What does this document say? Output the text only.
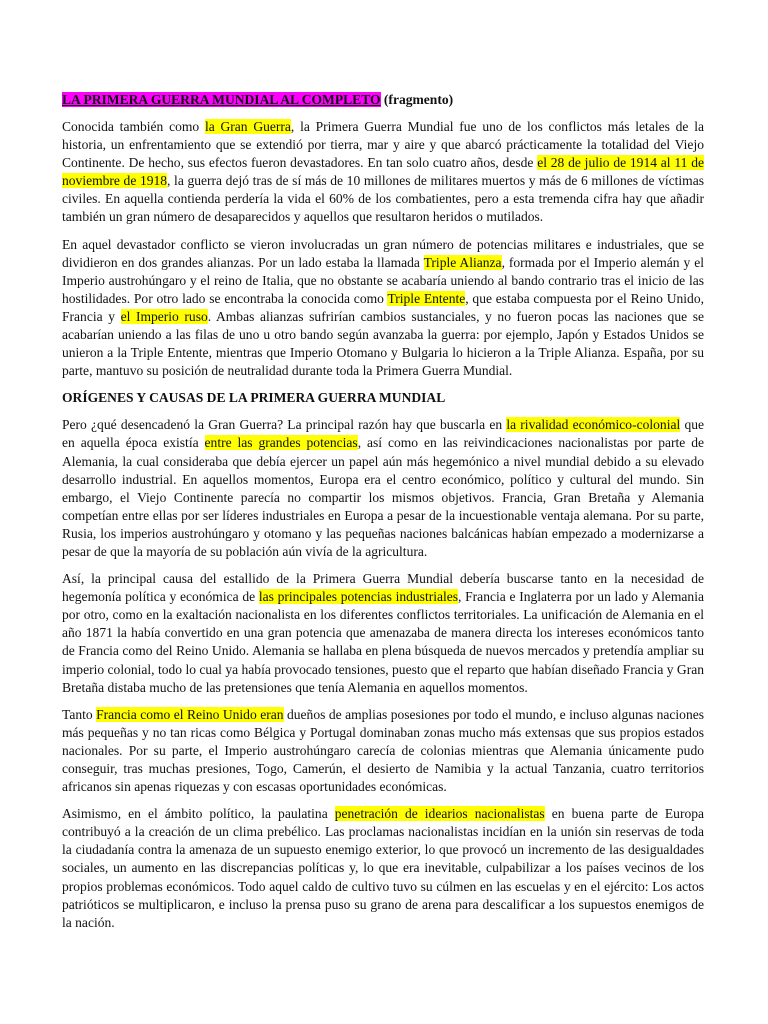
LA PRIMERA GUERRA MUNDIAL AL COMPLETO (fragmento)

Conocida también como la Gran Guerra, la Primera Guerra Mundial fue uno de los conflictos más letales de la historia, un enfrentamiento que se extendió por tierra, mar y aire y que abarcó prácticamente la totalidad del Viejo Continente. De hecho, sus efectos fueron devastadores. En tan solo cuatro años, desde el 28 de julio de 1914 al 11 de noviembre de 1918, la guerra dejó tras de sí más de 10 millones de militares muertos y más de 6 millones de víctimas civiles. En aquella contienda perdería la vida el 60% de los combatientes, pero a esta tremenda cifra hay que añadir también un gran número de desaparecidos y aquellos que resultaron heridos o mutilados.

En aquel devastador conflicto se vieron involucradas un gran número de potencias militares e industriales, que se dividieron en dos grandes alianzas. Por un lado estaba la llamada Triple Alianza, formada por el Imperio alemán y el Imperio austrohúngaro y el reino de Italia, que no obstante se acabaría uniendo al bando contrario tras el inicio de las hostilidades. Por otro lado se encontraba la conocida como Triple Entente, que estaba compuesta por el Reino Unido, Francia y el Imperio ruso. Ambas alianzas sufrirían cambios sustanciales, y no fueron pocas las naciones que se acabarían uniendo a las filas de uno u otro bando según avanzaba la guerra: por ejemplo, Japón y Estados Unidos se unieron a la Triple Entente, mientras que Imperio Otomano y Bulgaria lo hicieron a la Triple Alianza. España, por su parte, mantuvo su posición de neutralidad durante toda la Primera Guerra Mundial.

ORÍGENES Y CAUSAS DE LA PRIMERA GUERRA MUNDIAL

Pero ¿qué desencadenó la Gran Guerra? La principal razón hay que buscarla en la rivalidad económico-colonial que en aquella época existía entre las grandes potencias, así como en las reivindicaciones nacionalistas por parte de Alemania, la cual consideraba que debía ejercer un papel aún más hegemónico a nivel mundial debido a su elevado desarrollo industrial. En aquellos momentos, Europa era el centro económico, político y cultural del mundo. Sin embargo, el Viejo Continente parecía no compartir los mismos objetivos. Francia, Gran Bretaña y Alemania competían entre ellas por ser líderes industriales en Europa a pesar de la incuestionable ventaja alemana. Por su parte, Rusia, los imperios austrohúngaro y otomano y las pequeñas naciones balcánicas habían empezado a modernizarse a pesar de que la mayoría de su población aún vivía de la agricultura.

Así, la principal causa del estallido de la Primera Guerra Mundial debería buscarse tanto en la necesidad de hegemonía política y económica de las principales potencias industriales, Francia e Inglaterra por un lado y Alemania por otro, como en la exaltación nacionalista en los diferentes conflictos territoriales. La unificación de Alemania en el año 1871 la había convertido en una gran potencia que amenazaba de manera directa los intereses económicos tanto de Francia como del Reino Unido. Alemania se hallaba en plena búsqueda de nuevos mercados y pretendía ampliar su imperio colonial, todo lo cual ya había provocado tensiones, puesto que el reparto que habían diseñado Francia y Gran Bretaña distaba mucho de las pretensiones que tenía Alemania en aquellos momentos.

Tanto Francia como el Reino Unido eran dueños de amplias posesiones por todo el mundo, e incluso algunas naciones más pequeñas y no tan ricas como Bélgica y Portugal dominaban zonas mucho más extensas que sus propios estados nacionales. Por su parte, el Imperio austrohúngaro carecía de colonias mientras que Alemania únicamente pudo conseguir, tras muchas presiones, Togo, Camerún, el desierto de Namibia y la actual Tanzania, cuatro territorios africanos sin apenas riquezas y con escasas oportunidades económicas.

Asimismo, en el ámbito político, la paulatina penetración de idearios nacionalistas en buena parte de Europa contribuyó a la creación de un clima prebélico. Las proclamas nacionalistas incidían en la unión sin reservas de toda la ciudadanía contra la amenaza de un supuesto enemigo exterior, lo que provocó un incremento de las desigualdades sociales, un aumento en las discrepancias políticas y, lo que era inevitable, culpabilizar a los países vecinos de los propios problemas económicos. Todo aquel caldo de cultivo tuvo su cúlmen en las escuelas y en el ejército: Los actos patrióticos se multiplicaron, e incluso la prensa puso su grano de arena para descalificar a los supuestos enemigos de la nación.
